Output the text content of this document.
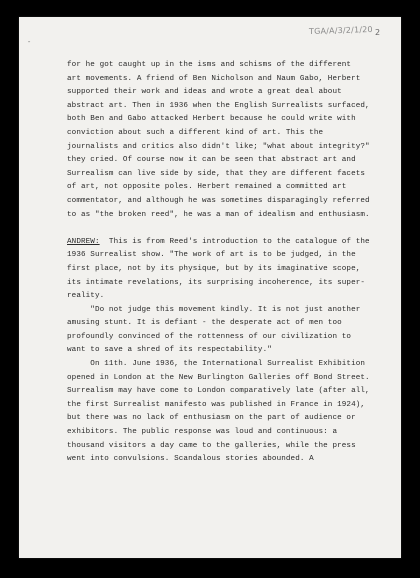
TGA/A/3/2/1/20 2
-
for he got caught up in the isms and schisms of the different
art movements. A friend of Ben Nicholson and Naum Gabo, Herbert
supported their work and ideas and wrote a great deal about
abstract art. Then in 1936 when the English Surrealists surfaced,
both Ben and Gabo attacked Herbert because he could write with
conviction about such a different kind of art. This the
journalists and critics also didn't like; "what about integrity?"
they cried. Of course now it can be seen that abstract art and
Surrealism can live side by side, that they are different facets
of art, not opposite poles. Herbert remained a committed art
commentator, and although he was sometimes disparagingly referred
to as "the broken reed", he was a man of idealism and enthusiasm.
ANDREW:  This is from Reed's introduction to the catalogue of the
1936 Surrealist show. "The work of art is to be judged, in the
first place, not by its physique, but by its imaginative scope,
its intimate revelations, its surprising incoherence, its super-
reality.
"Do not judge this movement kindly. It is not just another
amusing stunt. It is defiant - the desperate act of men too
profoundly convinced of the rottenness of our civilization to
want to save a shred of its respectability."
On 11th. June 1936, the International Surrealist Exhibition
opened in London at the New Burlington Galleries off Bond Street.
Surrealism may have come to London comparatively late (after all,
the first Surrealist manifesto was published in France in 1924),
but there was no lack of enthusiasm on the part of audience or
exhibitors. The public response was loud and continuous: a
thousand visitors a day came to the galleries, while the press
went into convulsions. Scandalous stories abounded. A
